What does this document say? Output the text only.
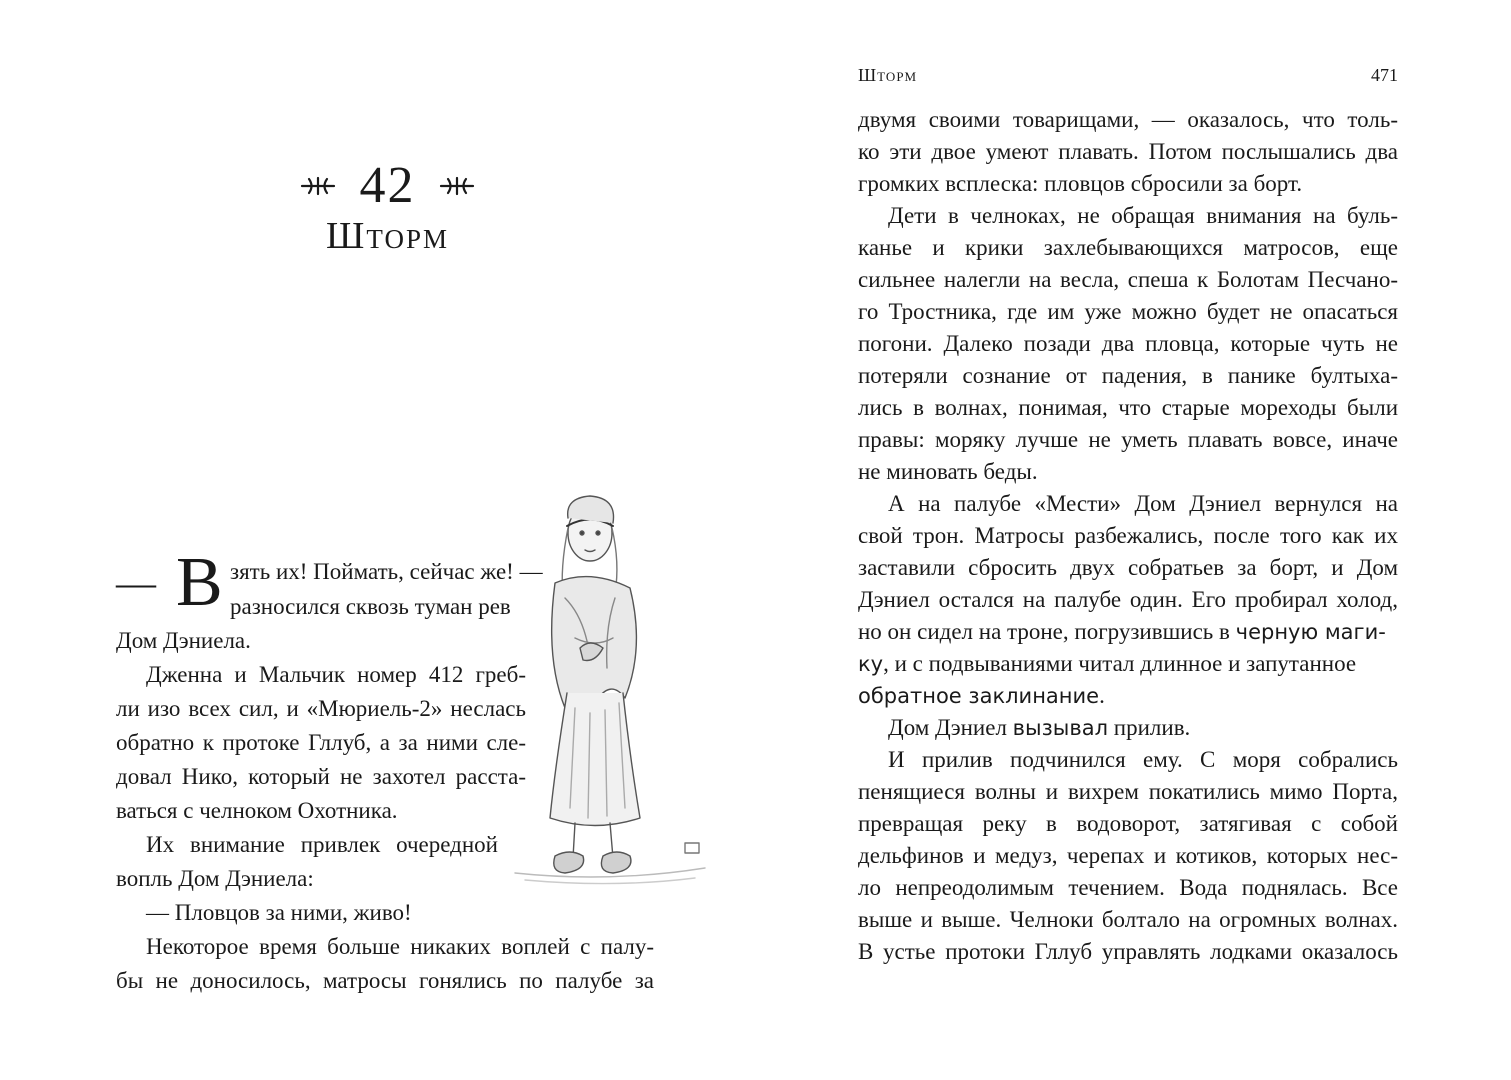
42
Шторм
— В зять их! Поймать, сейчас же! —
разносился сквозь туман рев
Дом Дэниела.
Дженна и Мальчик номер 412 греб-
ли изо всех сил, и «Мюриель-2» неслась
обратно к протоке Гллуб, а за ними сле-
довал Нико, который не захотел расста-
ваться с челноком Охотника.
Их внимание привлек очередной
вопль Дом Дэниела:
— Пловцов за ними, живо!
Некоторое время больше никаких воплей с палу-
бы не доносилось, матросы гонялись по палубе за
Шторм	471
двумя своими товарищами, — оказалось, что толь-
ко эти двое умеют плавать. Потом послышались два
громких всплеска: пловцов сбросили за борт.
Дети в челноках, не обращая внимания на буль-
канье и крики захлебывающихся матросов, еще
сильнее налегли на весла, спеша к Болотам Песчано-
го Тростника, где им уже можно будет не опасаться
погони. Далеко позади два пловца, которые чуть не
потеряли сознание от падения, в панике бултыха-
лись в волнах, понимая, что старые мореходы были
правы: моряку лучше не уметь плавать вовсе, иначе
не миновать беды.
А на палубе «Мести» Дом Дэниел вернулся на
свой трон. Матросы разбежались, после того как их
заставили сбросить двух собратьев за борт, и Дом
Дэниел остался на палубе один. Его пробирал холод,
но он сидел на троне, погрузившись в черную маги-
ку, и с подвываниями читал длинное и запутанное
обратное заклинание.
Дом Дэниел вызывал прилив.
И прилив подчинился ему. С моря собрались
пенящиеся волны и вихрем покатились мимо Порта,
превращая реку в водоворот, затягивая с собой
дельфинов и медуз, черепах и котиков, которых нес-
ло непреодолимым течением. Вода поднялась. Все
выше и выше. Челноки болтало на огромных волнах.
В устье протоки Гллуб управлять лодками оказалось
